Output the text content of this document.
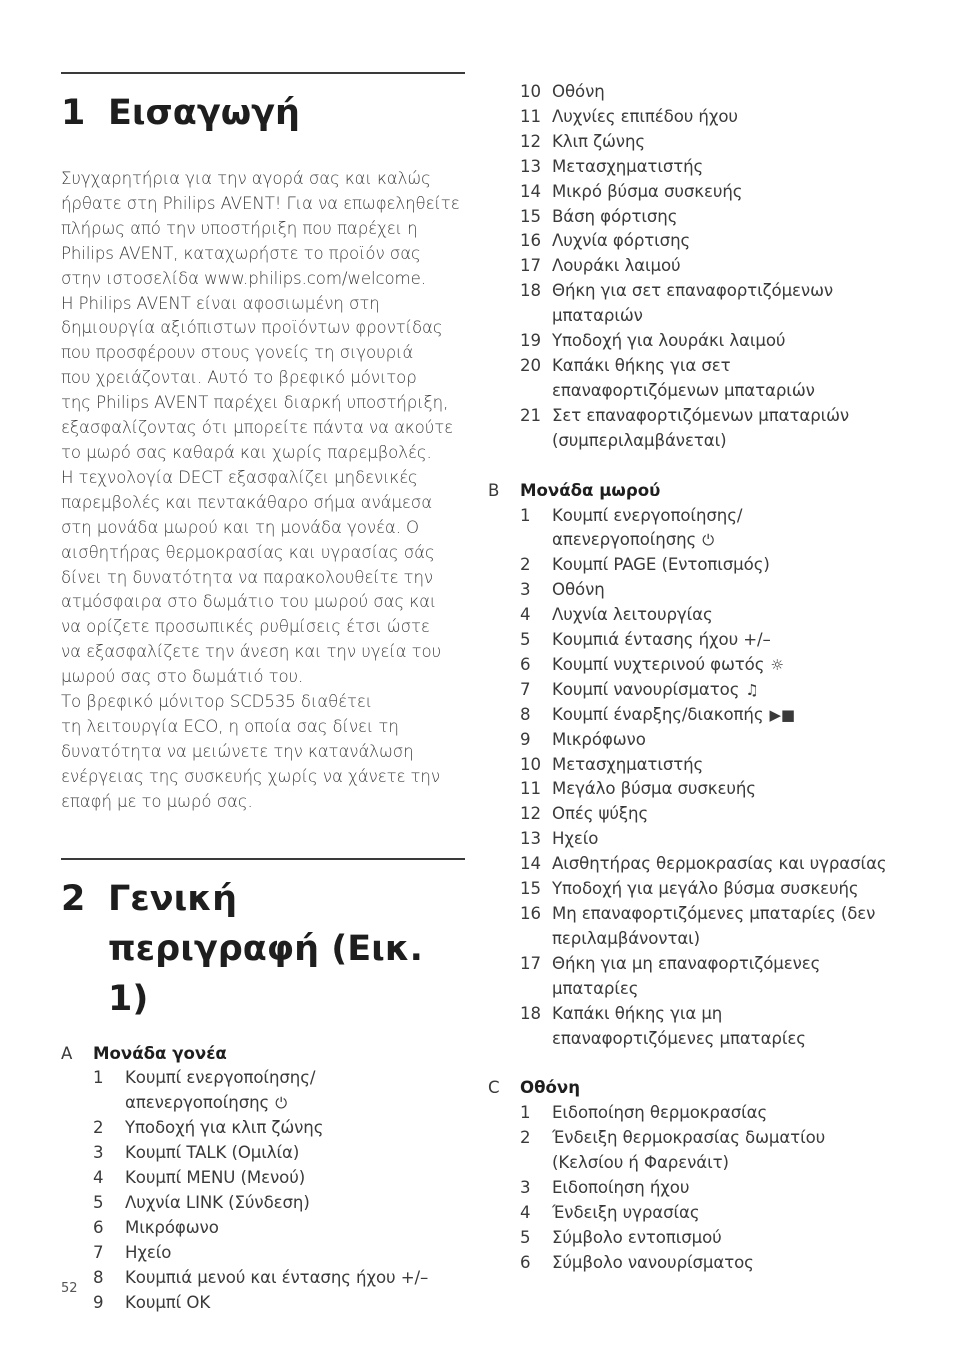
1 Εισαγωγή
Συγχαρητήρια για την αγορά σας και καλώς
ήρθατε στη Philips AVENT! Για να επωφεληθείτε
πλήρως από την υποστήριξη που παρέχει η
Philips AVENT, καταχωρήστε το προϊόν σας
στην ιστοσελίδα www.philips.com/welcome.
Η Philips AVENT είναι αφοσιωμένη στη
δημιουργία αξιόπιστων προϊόντων φροντίδας
που προσφέρουν στους γονείς τη σιγουριά
που χρειάζονται. Αυτό το βρεφικό μόνιτορ
της Philips AVENT παρέχει διαρκή υποστήριξη,
εξασφαλίζοντας ότι μπορείτε πάντα να ακούτε
το μωρό σας καθαρά και χωρίς παρεμβολές.
Η τεχνολογία DECT εξασφαλίζει μηδενικές
παρεμβολές και πεντακάθαρο σήμα ανάμεσα
στη μονάδα μωρού και τη μονάδα γονέα. Ο
αισθητήρας θερμοκρασίας και υγρασίας σάς
δίνει τη δυνατότητα να παρακολουθείτε την
ατμόσφαιρα στο δωμάτιο του μωρού σας και
να ορίζετε προσωπικές ρυθμίσεις έτσι ώστε
να εξασφαλίζετε την άνεση και την υγεία του
μωρού σας στο δωμάτιό του.
Το βρεφικό μόνιτορ SCD535 διαθέτει
τη λειτουργία ECO, η οποία σας δίνει τη
δυνατότητα να μειώνετε την κατανάλωση
ενέργειας της συσκευής χωρίς να χάνετε την
επαφή με το μωρό σας.
2 Γενική
περιγραφή (Εικ. 1)
A	Μονάδα γονέα
1 Κουμπί ενεργοποίησης/
απενεργοποίησης ⏻
2 Υποδοχή για κλιπ ζώνης
3 Κουμπί TALK (Ομιλία)
4 Κουμπί MENU (Μενού)
5 Λυχνία LINK (Σύνδεση)
6 Μικρόφωνο
7 Ηχείο
8 Κουμπιά μενού και έντασης ήχου +/–
9 Κουμπί OK
10 Οθόνη
11 Λυχνίες επιπέδου ήχου
12 Κλιπ ζώνης
13 Μετασχηματιστής
14 Μικρό βύσμα συσκευής
15 Βάση φόρτισης
16 Λυχνία φόρτισης
17 Λουράκι λαιμού
18 Θήκη για σετ επαναφορτιζόμενων
μπαταριών
19 Υποδοχή για λουράκι λαιμού
20 Καπάκι θήκης για σετ
επαναφορτιζόμενων μπαταριών
21 Σετ επαναφορτιζόμενων μπαταριών
(συμπεριλαμβάνεται)
B	Μονάδα μωρού
1 Κουμπί ενεργοποίησης/
απενεργοποίησης ⏻
2 Κουμπί PAGE (Εντοπισμός)
3 Οθόνη
4 Λυχνία λειτουργίας
5 Κουμπιά έντασης ήχου +/–
6 Κουμπί νυχτερινού φωτός ☼
7 Κουμπί νανουρίσματος ♫
8 Κουμπί έναρξης/διακοπής ▶■
9 Μικρόφωνο
10 Μετασχηματιστής
11 Μεγάλο βύσμα συσκευής
12 Οπές ψύξης
13 Ηχείο
14 Αισθητήρας θερμοκρασίας και υγρασίας
15 Υποδοχή για μεγάλο βύσμα συσκευής
16 Μη επαναφορτιζόμενες μπαταρίες (δεν
περιλαμβάνονται)
17 Θήκη για μη επαναφορτιζόμενες
μπαταρίες
18 Καπάκι θήκης για μη
επαναφορτιζόμενες μπαταρίες
C	Οθόνη
1 Ειδοποίηση θερμοκρασίας
2 Ένδειξη θερμοκρασίας δωματίου
(Κελσίου ή Φαρενάιτ)
3 Ειδοποίηση ήχου
4 Ένδειξη υγρασίας
5 Σύμβολο εντοπισμού
6 Σύμβολο νανουρίσματος
52
